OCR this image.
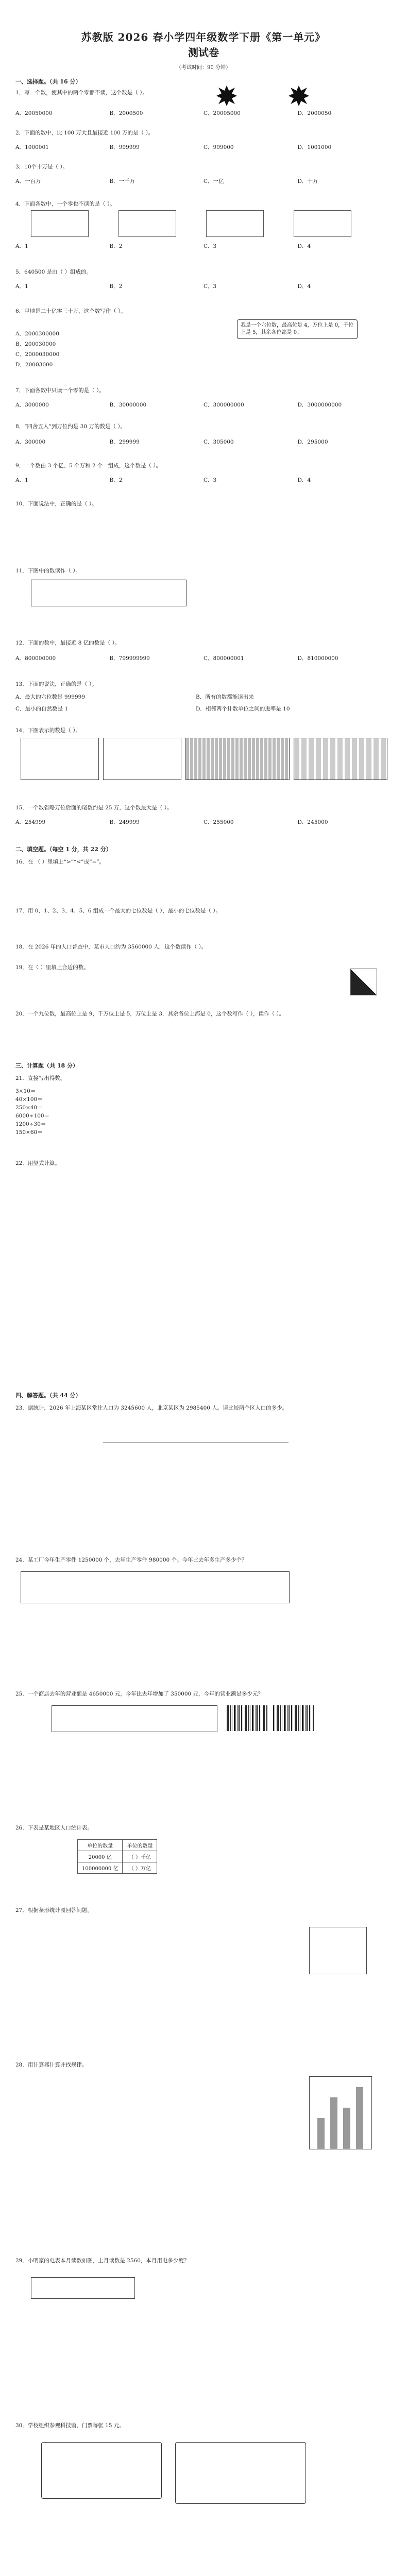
苏教版 2026 春小学四年级数学下册《第一单元》
测试卷
（考试时间：90 分钟）
一、选择题。（共 16 分）
1．写一个数，使其中的两个零都不读，这个数是（ ）。
A．20050000	B．2000500	C．20005000	D．2000050
2．下面的数中，比 100 万大且最接近 100 万的是（ ）。
A．1000001	B．999999	C．999000	D．1001000
3．10个十万是（ ）。
A．一百万	B．一千万	C．一亿	D．十万
4．下面各数中，一个零也不读的是（ ）。
A．1	B．2	C．3	D．4
5．640500 是由（ ）组成的。
A．1	B．2	C．3	D．4
6．甲地是二十亿零三十万，这个数写作（ ）。
我是一个六位数，最高位是 4，万位上是 0，千位上是 5，其余各位都是 0。
A．2000300000
B．200030000
C．2000030000
D．20003000
7．下面各数中只读一个零的是（ ）。
A．3000000	B．30000000	C．300000000	D．3000000000
8．“四舍五入”到万位约是 30 万的数是（ ）。
A．300000	B．299999	C．305000	D．295000
9．一个数由 3 个亿、5 个万和 2 个一组成，这个数是（ ）。
A．1	B．2	C．3	D．4
10．下面说法中，正确的是（ ）。
11．下图中的数读作（ ）。
12．下面的数中，最接近 8 亿的数是（ ）。
A．800000000	B．799999999	C．800000001	D．810000000
13．下面的说法，正确的是（ ）。
A．最大的六位数是 999999	B．所有的数都能读出来
C．最小的自然数是 1	D．相邻两个计数单位之间的进率是 10
14．下图表示的数是（ ）。
15．一个数省略万位后面的尾数约是 25 万，这个数最大是（ ）。
A．254999	B．249999	C．255000	D．245000
二、填空题。（每空 1 分，共 22 分）
16．在 （ ）里填上“>”“<”或“=”。
17．用 0、1、2、3、4、5、6 组成一个最大的七位数是（ ），最小的七位数是（ ）。
18．在 2026 年的人口普查中，某市人口约为 3560000 人，这个数读作（ ）。
19．在（ ）里填上合适的数。
20．一个九位数，最高位上是 9，千万位上是 5，万位上是 3，其余各位上都是 0，这个数写作（ ），读作（ ）。
三、计算题（共 18 分）
21．直接写出得数。
3×10＝
40×100＝
250×40＝
6000÷100＝
1200÷30＝
150×60＝
22．用竖式计算。
四、解答题。（共 44 分）
23．据统计，2026 年上海某区常住人口为 3245600 人，北京某区为 2985400 人。请比较两个区人口的多少。
24．某工厂今年生产零件 1250000 个，去年生产零件 980000 个。今年比去年多生产多少个？
25．一个商店去年的营业额是 4650000 元，今年比去年增加了 350000 元，今年的营业额是多少元？
26．下表是某地区人口统计表。
单位的数量	单位的数量
20000 亿	（ ）千亿
100000000 亿	（ ）万亿
27．根据条形统计图回答问题。
28．用计算器计算并找规律。
29．小明家的电表本月读数如图，上月读数是 2560，本月用电多少度？
30．学校组织参观科技馆，门票每张 15 元。
